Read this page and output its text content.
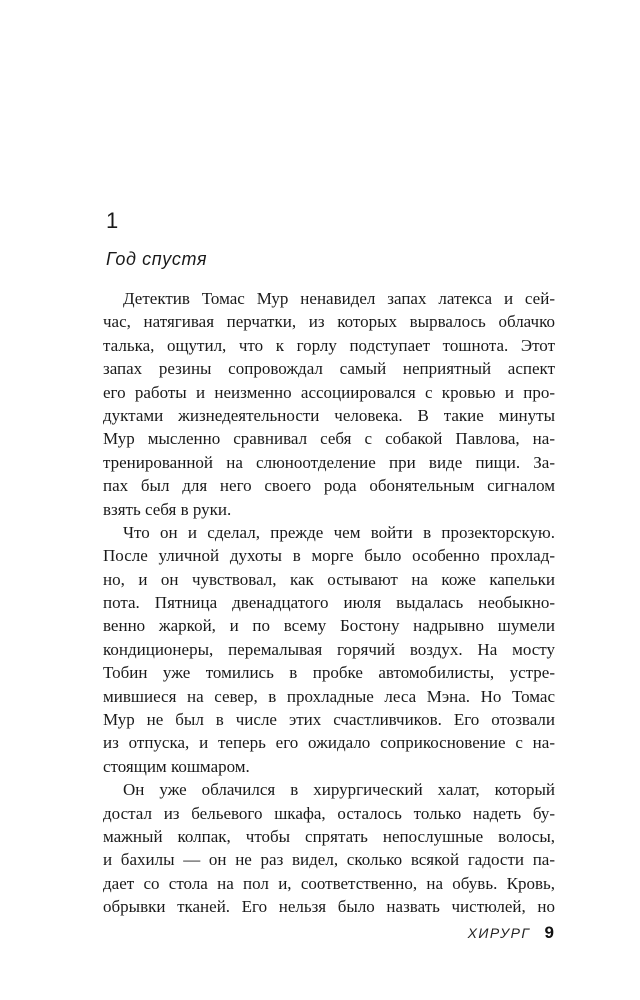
1
Год спустя
Детектив Томас Мур ненавидел запах латекса и сей-
час, натягивая перчатки, из которых вырвалось облачко
талька, ощутил, что к горлу подступает тошнота. Этот
запах резины сопровождал самый неприятный аспект
его работы и неизменно ассоциировался с кровью и про-
дуктами жизнедеятельности человека. В такие минуты
Мур мысленно сравнивал себя с собакой Павлова, на-
тренированной на слюноотделение при виде пищи. За-
пах был для него своего рода обонятельным сигналом
взять себя в руки.
Что он и сделал, прежде чем войти в прозекторскую.
После уличной духоты в морге было особенно прохлад-
но, и он чувствовал, как остывают на коже капельки
пота. Пятница двенадцатого июля выдалась необыкно-
венно жаркой, и по всему Бостону надрывно шумели
кондиционеры, перемалывая горячий воздух. На мосту
Тобин уже томились в пробке автомобилисты, устре-
мившиеся на север, в прохладные леса Мэна. Но Томас
Мур не был в числе этих счастливчиков. Его отозвали
из отпуска, и теперь его ожидало соприкосновение с на-
стоящим кошмаром.
Он уже облачился в хирургический халат, который
достал из бельевого шкафа, осталось только надеть бу-
мажный колпак, чтобы спрятать непослушные волосы,
и бахилы — он не раз видел, сколько всякой гадости па-
дает со стола на пол и, соответственно, на обувь. Кровь,
обрывки тканей. Его нельзя было назвать чистюлей, но
ХИРУРГ 9
